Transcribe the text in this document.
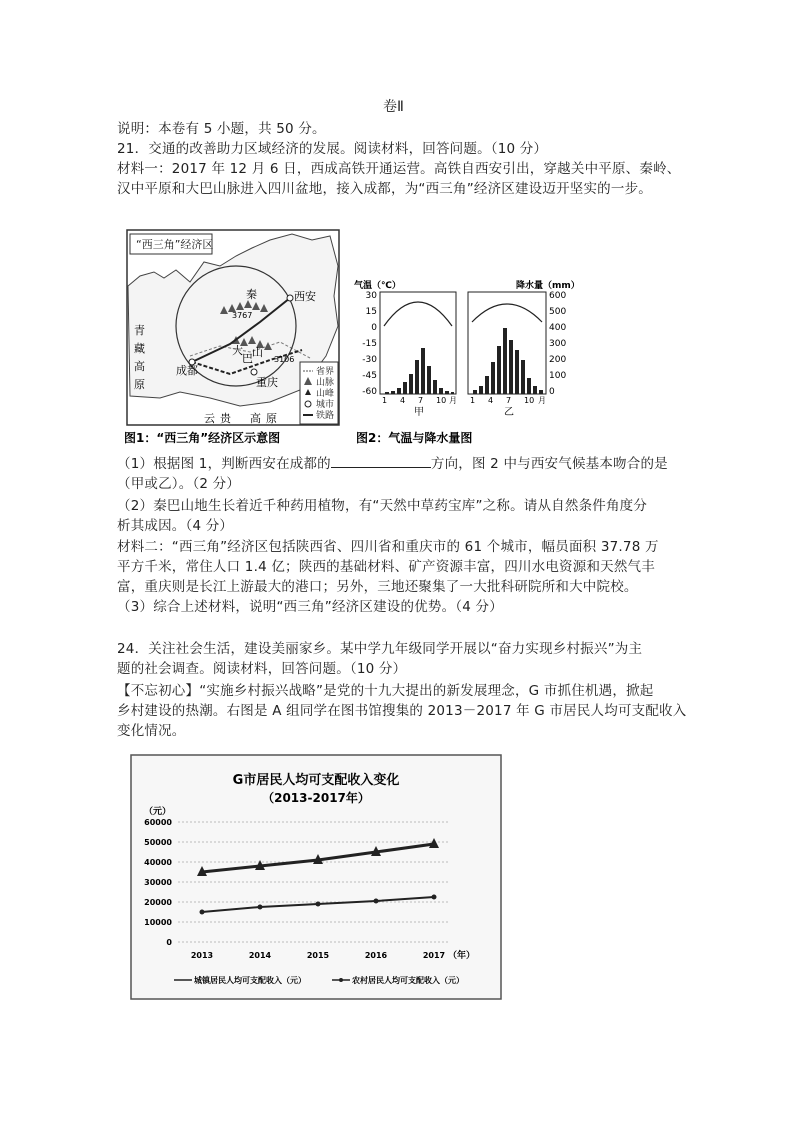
卷Ⅱ
说明：本卷有 5 小题，共 50 分。
21．交通的改善助力区域经济的发展。阅读材料，回答问题。（10 分）
材料一：2017 年 12 月 6 日，西成高铁开通运营。高铁自西安引出，穿越关中平原、秦岭、
汉中平原和大巴山脉进入四川盆地，接入成都，为“西三角”经济区建设迈开坚实的一步。
“西三角”经济区
西安
成都
重庆
秦
大
巴 山
3767
3106
青
藏
高
原
云 贵 高 原
省界
山脉
山峰
城市
铁路
图1：“西三角”经济区示意图
气温（℃）	降水量（mm）
30
15
0
-15
-30
-45
-60
600
500
400
300
200
100
0
1 4 7 10 月 1 4 7 10 月
甲	乙
图2：气温与降水量图
（1）根据图 1，判断西安在成都的	方向，图 2 中与西安气候基本吻合的是
（甲或乙）。（2 分）
（2）秦巴山地生长着近千种药用植物，有“天然中草药宝库”之称。请从自然条件角度分
析其成因。（4 分）
材料二：“西三角”经济区包括陕西省、四川省和重庆市的 61 个城市，幅员面积 37.78 万
平方千米，常住人口 1.4 亿；陕西的基础材料、矿产资源丰富，四川水电资源和天然气丰
富，重庆则是长江上游最大的港口；另外，三地还聚集了一大批科研院所和大中院校。
（3）综合上述材料，说明“西三角”经济区建设的优势。（4 分）
24．关注社会生活，建设美丽家乡。某中学九年级同学开展以“奋力实现乡村振兴”为主
题的社会调查。阅读材料，回答问题。（10 分）
【不忘初心】“实施乡村振兴战略”是党的十九大提出的新发展理念，G 市抓住机遇，掀起
乡村建设的热潮。右图是 A 组同学在图书馆搜集的 2013－2017 年 G 市居民人均可支配收入
变化情况。
G市居民人均可支配收入变化
（2013-2017年）
（元）
（年）
60000
50000
40000
30000
20000
10000
0
2013	2014	2015	2016	2017
城镇居民人均可支配收入（元）	农村居民人均可支配收入（元）
